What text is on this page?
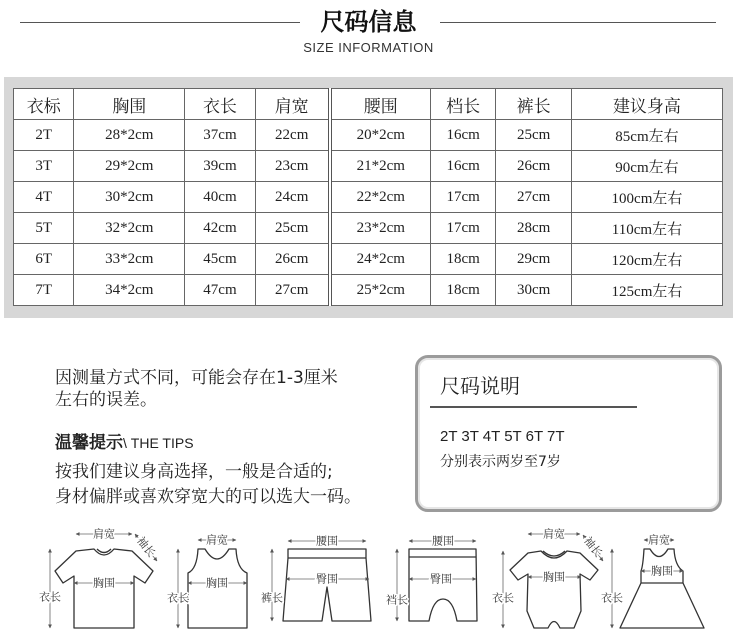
尺码信息
SIZE INFORMATION
衣标	胸围	衣长	肩宽	腰围	档长	裤长	建议身高
2T	28*2cm	37cm	22cm	20*2cm	16cm	25cm	85cm左右
3T	29*2cm	39cm	23cm	21*2cm	16cm	26cm	90cm左右
4T	30*2cm	40cm	24cm	22*2cm	17cm	27cm	100cm左右
5T	32*2cm	42cm	25cm	23*2cm	17cm	28cm	110cm左右
6T	33*2cm	45cm	26cm	24*2cm	18cm	29cm	120cm左右
7T	34*2cm	47cm	27cm	25*2cm	18cm	30cm	125cm左右
因测量方式不同，可能会存在1-3厘米
左右的误差。
温馨提示\ THE TIPS
按我们建议身高选择，一般是合适的;
身材偏胖或喜欢穿宽大的可以选大一码。
尺码说明
2T 3T 4T 5T 6T 7T
分别表示两岁至7岁
肩宽
袖长
胸围
衣长
肩宽
胸围
衣长
腰围
臀围
裤长
腰围
臀围
裆长
肩宽
袖长
胸围
衣长
肩宽
胸围
衣长
